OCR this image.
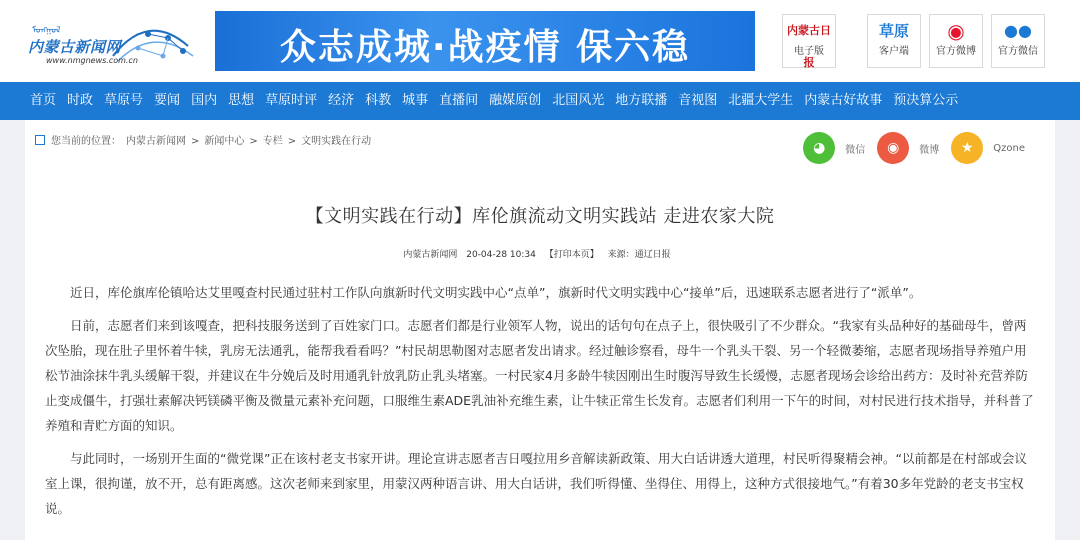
ᠮᠣᠩᠭᠣᠯ
内蒙古新闻网
www.nmgnews.com.cn	众志成城·战疫情 保六稳	内蒙古日报
电子版
草原
客户端
◉
官方微博
●●
官方微信
首页 时政 草原号 要闻 国内 思想 草原时评 经济 科教 城事 直播间 融媒原创 北国风光 地方联播 音视图 北疆大学生 内蒙古好故事 预决算公示
您当前的位置： 内蒙古新闻网 > 新闻中心 > 专栏 > 文明实践在行动	◕	微信	◉	微博	★	Qzone
【文明实践在行动】库伦旗流动文明实践站 走进农家大院
内蒙古新闻网 20-04-28 10:34 【打印本页】 来源：通辽日报

近日，库伦旗库伦镇哈达艾里嘎查村民通过驻村工作队向旗新时代文明实践中心“点单”，旗新时代文明实践中心“接单”后，迅速联系志愿者进行了“派单”。

日前，志愿者们来到该嘎查，把科技服务送到了百姓家门口。志愿者们都是行业领军人物，说出的话句句在点子上，很快吸引了不少群众。“我家有头品种好的基础母牛，曾两次坠胎，现在肚子里怀着牛犊，乳房无法通乳，能帮我看看吗？”村民胡思勒图对志愿者发出请求。经过触诊察看，母牛一个乳头干裂、另一个轻微萎缩，志愿者现场指导养殖户用松节油涂抹牛乳头缓解干裂，并建议在牛分娩后及时用通乳针放乳防止乳头堵塞。一村民家4月多龄牛犊因刚出生时腹泻导致生长缓慢，志愿者现场会诊给出药方：及时补充营养防止变成僵牛，打强壮素解决钙镁磷平衡及微量元素补充问题，口服维生素ADE乳油补充维生素，让牛犊正常生长发育。志愿者们利用一下午的时间，对村民进行技术指导，并科普了养殖和青贮方面的知识。

与此同时，一场别开生面的“微党课”正在该村老支书家开讲。理论宣讲志愿者吉日嘎拉用乡音解读新政策、用大白话讲透大道理，村民听得聚精会神。“以前都是在村部或会议室上课，很拘谨，放不开，总有距离感。这次老师来到家里，用蒙汉两种语言讲、用大白话讲，我们听得懂、坐得住、用得上，这种方式很接地气。”有着30多年党龄的老支书宝权说。
